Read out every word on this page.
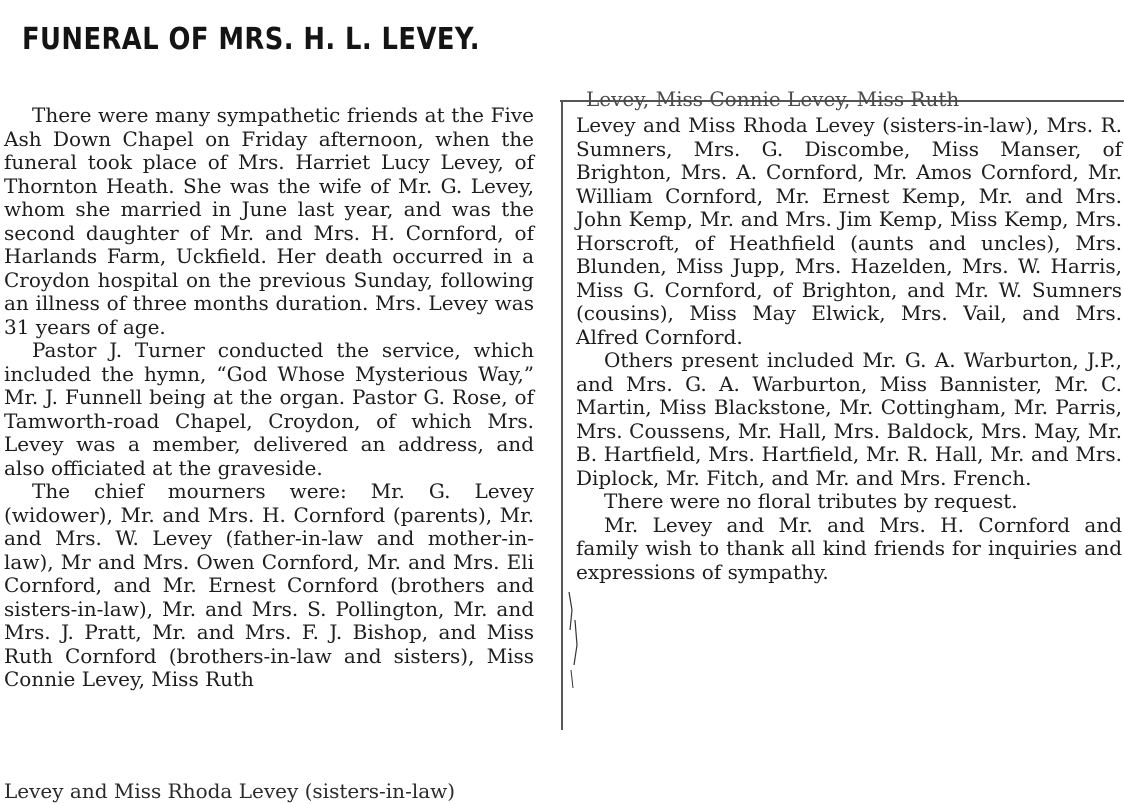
FUNERAL OF MRS. H. L. LEVEY.

There were many sympathetic friends at the Five Ash Down Chapel on Friday afternoon, when the funeral took place of Mrs. Harriet Lucy Levey, of Thornton Heath. She was the wife of Mr. G. Levey, whom she married in June last year, and was the second daughter of Mr. and Mrs. H. Cornford, of Harlands Farm, Uckfield. Her death occurred in a Croydon hospital on the previous Sunday, following an illness of three months duration. Mrs. Levey was 31 years of age.

Pastor J. Turner conducted the service, which included the hymn, “God Whose Mysterious Way,” Mr. J. Funnell being at the organ. Pastor G. Rose, of Tamworth-road Chapel, Croydon, of which Mrs. Levey was a member, delivered an address, and also officiated at the graveside.

The chief mourners were: Mr. G. Levey (widower), Mr. and Mrs. H. Cornford (parents), Mr. and Mrs. W. Levey (father-in-law and mother-in-law), Mr and Mrs. Owen Cornford, Mr. and Mrs. Eli Cornford, and Mr. Ernest Cornford (brothers and sisters-in-law), Mr. and Mrs. S. Pollington, Mr. and Mrs. J. Pratt, Mr. and Mrs. F. J. Bishop, and Miss Ruth Cornford (brothers-in-law and sisters), Miss Connie Levey, Miss Ruth

Levey and Miss Rhoda Levey (sisters-in-law)
Levey, Miss Connie Levey, Miss Ruth

Levey and Miss Rhoda Levey (sisters-in-law), Mrs. R. Sumners, Mrs. G. Discombe, Miss Manser, of Brighton, Mrs. A. Cornford, Mr. Amos Cornford, Mr. William Cornford, Mr. Ernest Kemp, Mr. and Mrs. John Kemp, Mr. and Mrs. Jim Kemp, Miss Kemp, Mrs. Horscroft, of Heathfield (aunts and uncles), Mrs. Blunden, Miss Jupp, Mrs. Hazelden, Mrs. W. Harris, Miss G. Cornford, of Brighton, and Mr. W. Sumners (cousins), Miss May Elwick, Mrs. Vail, and Mrs. Alfred Cornford.

Others present included Mr. G. A. Warburton, J.P., and Mrs. G. A. Warburton, Miss Bannister, Mr. C. Martin, Miss Blackstone, Mr. Cottingham, Mr. Parris, Mrs. Coussens, Mr. Hall, Mrs. Baldock, Mrs. May, Mr. B. Hartfield, Mrs. Hartfield, Mr. R. Hall, Mr. and Mrs. Diplock, Mr. Fitch, and Mr. and Mrs. French.

There were no floral tributes by request.

Mr. Levey and Mr. and Mrs. H. Cornford and family wish to thank all kind friends for inquiries and expressions of sympathy.
